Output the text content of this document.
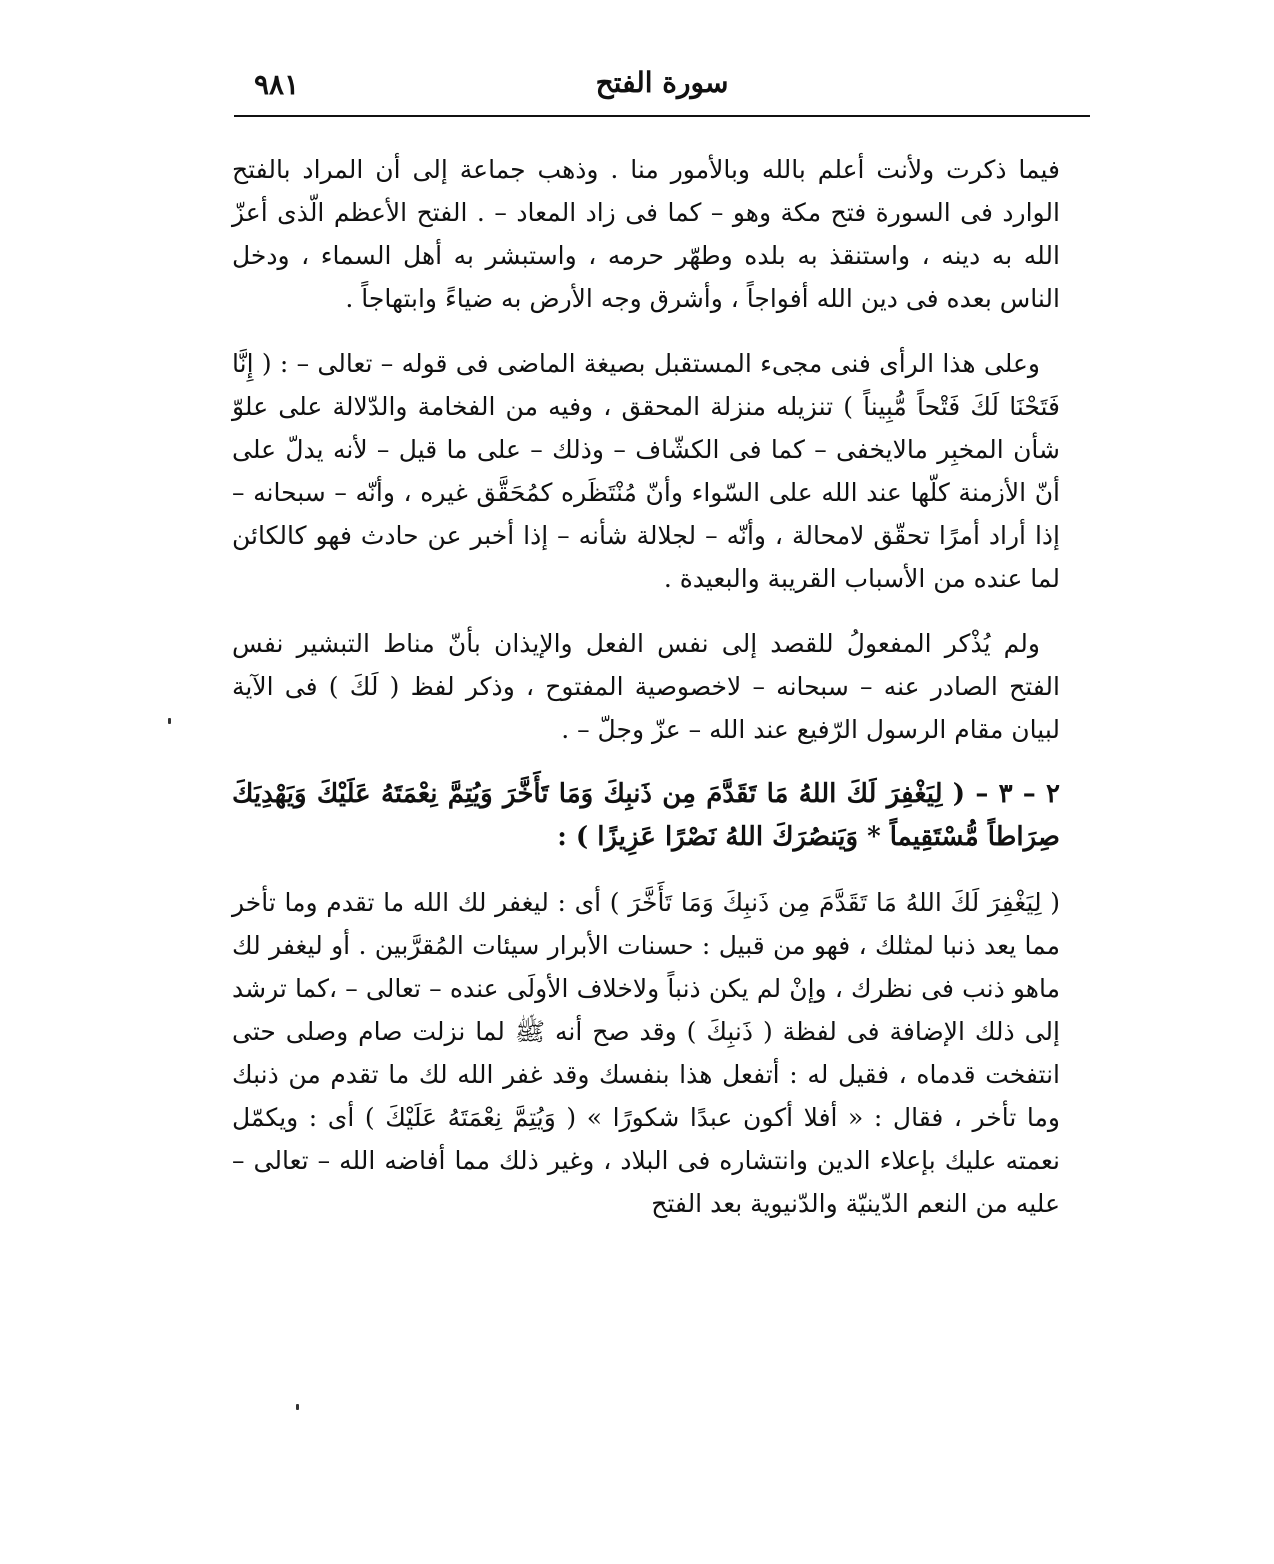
٩٨١	سورة الفتح

فيما ذكرت ولأنت أعلم بالله وبالأمور منا . وذهب جماعة إلى أن المراد بالفتح الوارد فى السورة فتح مكة وهو – كما فى زاد المعاد – . الفتح الأعظم الّذى أعزّ الله به دينه ، واستنقذ به بلده وطهّر حرمه ، واستبشر به أهل السماء ، ودخل الناس بعده فى دين الله أفواجاً ، وأشرق وجه الأرض به ضياءً وابتهاجاً .

وعلى هذا الرأى فنى مجىء المستقبل بصيغة الماضى فى قوله – تعالى – : ( إِنَّا فَتَحْنَا لَكَ فَتْحاً مُّبِيناً ) تنزيله منزلة المحقق ، وفيه من الفخامة والدّلالة على علوّ شأن المخبِر مالايخفى – كما فى الكشّاف – وذلك – على ما قيل – لأنه يدلّ على أنّ الأزمنة كلّها عند الله على السّواء وأنّ مُنْتَظَره كمُحَقَّق غيره ، وأنّه – سبحانه – إذا أراد أمرًا تحقّق لامحالة ، وأنّه – لجلالة شأنه – إذا أخبر عن حادث فهو كالكائن لما عنده من الأسباب القريبة والبعيدة .

ولم يُذْكر المفعولُ للقصد إلى نفس الفعل والإيذان بأنّ مناط التبشير نفس الفتح الصادر عنه – سبحانه – لاخصوصية المفتوح ، وذكر لفظ ( لَكَ ) فى الآية لبيان مقام الرسول الرّفيع عند الله – عزّ وجلّ – .

٢ – ٣ – ( لِيَغْفِرَ لَكَ اللهُ مَا تَقَدَّمَ مِن ذَنبِكَ وَمَا تَأَخَّرَ وَيُتِمَّ نِعْمَتَهُ عَلَيْكَ وَيَهْدِيَكَ صِرَاطاً مُّسْتَقِيماً * وَيَنصُرَكَ اللهُ نَصْرًا عَزِيزًا ) :

( لِيَغْفِرَ لَكَ اللهُ مَا تَقَدَّمَ مِن ذَنبِكَ وَمَا تَأَخَّرَ ) أى : ليغفر لك الله ما تقدم وما تأخر مما يعد ذنبا لمثلك ، فهو من قبيل : حسنات الأبرار سيئات المُقرَّبين . أو ليغفر لك ماهو ذنب فى نظرك ، وإنْ لم يكن ذنباً ولاخلاف الأولَى عنده – تعالى – ،كما ترشد إلى ذلك الإضافة فى لفظة ( ذَنبِكَ ) وقد صح أنه ﷺ لما نزلت صام وصلى حتى انتفخت قدماه ، فقيل له : أتفعل هذا بنفسك وقد غفر الله لك ما تقدم من ذنبك وما تأخر ، فقال : « أفلا أكون عبدًا شكورًا » ( وَيُتِمَّ نِعْمَتَهُ عَلَيْكَ ) أى : ويكمّل نعمته عليك بإعلاء الدين وانتشاره فى البلاد ، وغير ذلك مما أفاضه الله – تعالى – عليه من النعم الدّينيّة والدّنيوية بعد الفتح
